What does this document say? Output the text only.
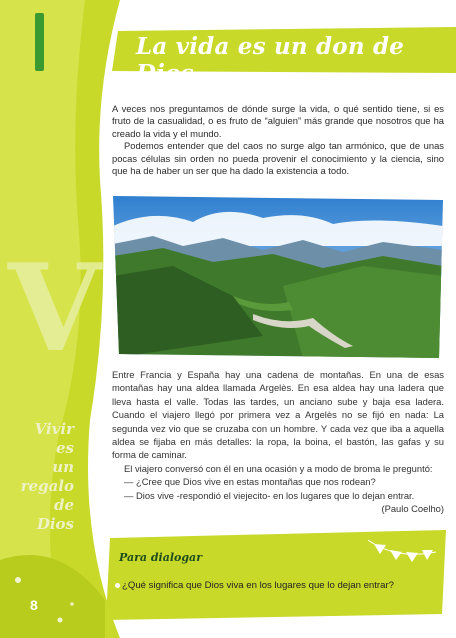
V
La vida es un don de Dios

A veces nos preguntamos de dónde surge la vida, o qué sentido tiene, si es fruto de la casualidad, o es fruto de “alguien” más grande que nosotros que ha creado la vida y el mundo.

Podemos entender que del caos no surge algo tan armónico, que de unas pocas células sin orden no pueda provenir el conocimiento y la ciencia, sino que ha de haber un ser que ha dado la existencia a todo.

Entre Francia y España hay una cadena de montañas. En una de esas montañas hay una aldea llamada Argelès. En esa aldea hay una ladera que lleva hasta el valle. Todas las tardes, un anciano sube y baja esa ladera. Cuando el viajero llegó por primera vez a Argelès no se fijó en nada: La segunda vez vio que se cruzaba con un hombre. Y cada vez que iba a aquella aldea se fijaba en más detalles: la ropa, la boina, el bastón, las gafas y su forma de caminar.

El viajero conversó con él en una ocasión y a modo de broma le preguntó:

— ¿Cree que Dios vive en estas montañas que nos rodean?

— Dios vive -respondió el viejecito- en los lugares que lo dejan entrar.

(Paulo Coelho)
Vivir
es
un
regalo
de
Dios
8
Para dialogar
¿Qué significa que Dios viva en los lugares que lo dejan entrar?
